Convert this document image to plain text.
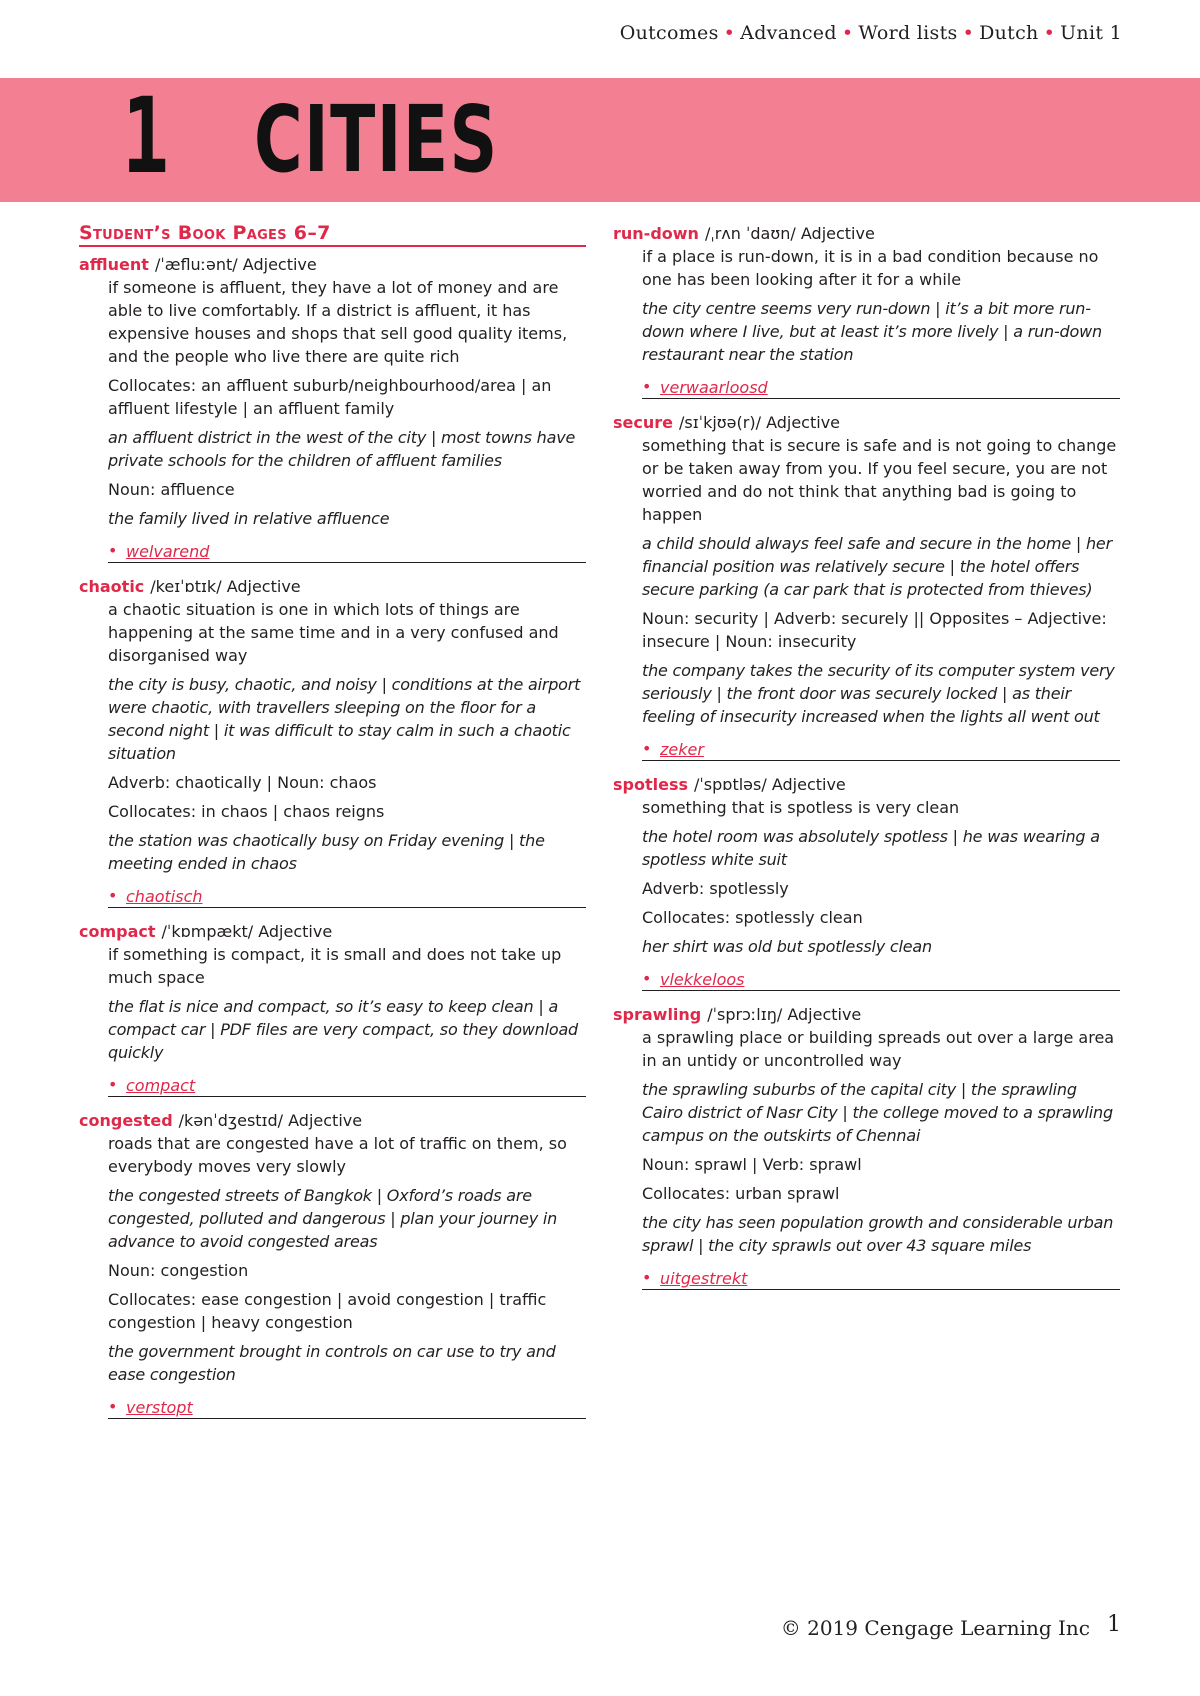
Outcomes • Advanced • Word lists • Dutch • Unit 1
1 CITIES
Student’s Book Pages 6–7

affluent /ˈæfluːənt/ Adjective

if someone is affluent, they have a lot of money and are able to live comfortably. If a district is affluent, it has expensive houses and shops that sell good quality items, and the people who live there are quite rich

Collocates: an affluent suburb/neighbourhood/area | an affluent lifestyle | an affluent family

an affluent district in the west of the city | most towns have private schools for the children of affluent families

Noun: affluence

the family lived in relative affluence

• welvarend

chaotic /keɪˈɒtɪk/ Adjective

a chaotic situation is one in which lots of things are happening at the same time and in a very confused and disorganised way

the city is busy, chaotic, and noisy | conditions at the airport were chaotic, with travellers sleeping on the floor for a second night | it was difficult to stay calm in such a chaotic situation

Adverb: chaotically | Noun: chaos

Collocates: in chaos | chaos reigns

the station was chaotically busy on Friday evening | the meeting ended in chaos

• chaotisch

compact /ˈkɒmpækt/ Adjective

if something is compact, it is small and does not take up much space

the flat is nice and compact, so it’s easy to keep clean | a compact car | PDF files are very compact, so they download quickly

• compact

congested /kənˈdʒestɪd/ Adjective

roads that are congested have a lot of traffic on them, so everybody moves very slowly

the congested streets of Bangkok | Oxford’s roads are congested, polluted and dangerous | plan your journey in advance to avoid congested areas

Noun: congestion

Collocates: ease congestion | avoid congestion | traffic congestion | heavy congestion

the government brought in controls on car use to try and ease congestion

• verstopt

run-down /ˌrʌn ˈdaʊn/ Adjective

if a place is run-down, it is in a bad condition because no one has been looking after it for a while

the city centre seems very run-down | it’s a bit more run-down where I live, but at least it’s more lively | a run-down restaurant near the station

• verwaarloosd

secure /sɪˈkjʊə(r)/ Adjective

something that is secure is safe and is not going to change or be taken away from you. If you feel secure, you are not worried and do not think that anything bad is going to happen

a child should always feel safe and secure in the home | her financial position was relatively secure | the hotel offers secure parking (a car park that is protected from thieves)

Noun: security | Adverb: securely || Opposites – Adjective: insecure | Noun: insecurity

the company takes the security of its computer system very seriously | the front door was securely locked | as their feeling of insecurity increased when the lights all went out

• zeker

spotless /ˈspɒtləs/ Adjective

something that is spotless is very clean

the hotel room was absolutely spotless | he was wearing a spotless white suit

Adverb: spotlessly

Collocates: spotlessly clean

her shirt was old but spotlessly clean

• vlekkeloos

sprawling /ˈsprɔːlɪŋ/ Adjective

a sprawling place or building spreads out over a large area in an untidy or uncontrolled way

the sprawling suburbs of the capital city | the sprawling Cairo district of Nasr City | the college moved to a sprawling campus on the outskirts of Chennai

Noun: sprawl | Verb: sprawl

Collocates: urban sprawl

the city has seen population growth and considerable urban sprawl | the city sprawls out over 43 square miles

• uitgestrekt
© 2019 Cengage Learning Inc 1
